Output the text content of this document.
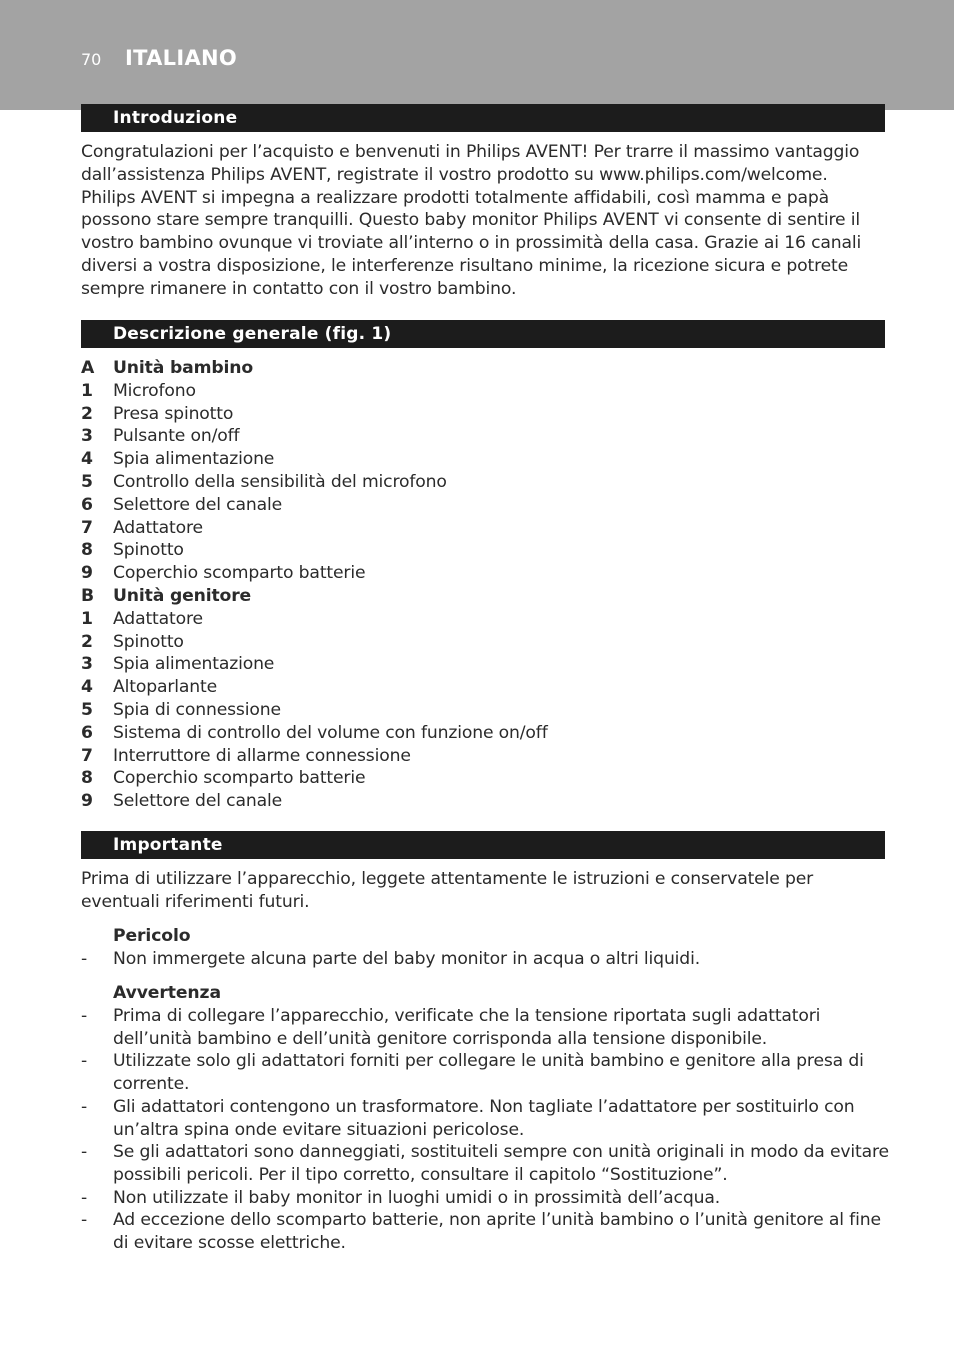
70 ITALIANO
Introduzione

Congratulazioni per l’acquisto e benvenuti in Philips AVENT! Per trarre il massimo vantaggio dall’assistenza Philips AVENT, registrate il vostro prodotto su www.philips.com/welcome.

Philips AVENT si impegna a realizzare prodotti totalmente affidabili, così mamma e papà possono stare sempre tranquilli. Questo baby monitor Philips AVENT vi consente di sentire il vostro bambino ovunque vi troviate all’interno o in prossimità della casa. Grazie ai 16 canali diversi a vostra disposizione, le interferenze risultano minime, la ricezione sicura e potrete sempre rimanere in contatto con il vostro bambino.

Descrizione generale (fig. 1)
A Unità bambino
1 Microfono
2 Presa spinotto
3 Pulsante on/off
4 Spia alimentazione
5 Controllo della sensibilità del microfono
6 Selettore del canale
7 Adattatore
8 Spinotto
9 Coperchio scomparto batterie
B Unità genitore
1 Adattatore
2 Spinotto
3 Spia alimentazione
4 Altoparlante
5 Spia di connessione
6 Sistema di controllo del volume con funzione on/off
7 Interruttore di allarme connessione
8 Coperchio scomparto batterie
9 Selettore del canale
Importante
Prima di utilizzare l’apparecchio, leggete attentamente le istruzioni e conservatele per eventuali riferimenti futuri.
Pericolo
- Non immergete alcuna parte del baby monitor in acqua o altri liquidi.
Avvertenza
- Prima di collegare l’apparecchio, verificate che la tensione riportata sugli adattatori dell’unità bambino e dell’unità genitore corrisponda alla tensione disponibile.
- Utilizzate solo gli adattatori forniti per collegare le unità bambino e genitore alla presa di corrente.
- Gli adattatori contengono un trasformatore. Non tagliate l’adattatore per sostituirlo con un’altra spina onde evitare situazioni pericolose.
- Se gli adattatori sono danneggiati, sostituiteli sempre con unità originali in modo da evitare possibili pericoli. Per il tipo corretto, consultare il capitolo “Sostituzione”.
- Non utilizzate il baby monitor in luoghi umidi o in prossimità dell’acqua.
- Ad eccezione dello scomparto batterie, non aprite l’unità bambino o l’unità genitore al fine di evitare scosse elettriche.
